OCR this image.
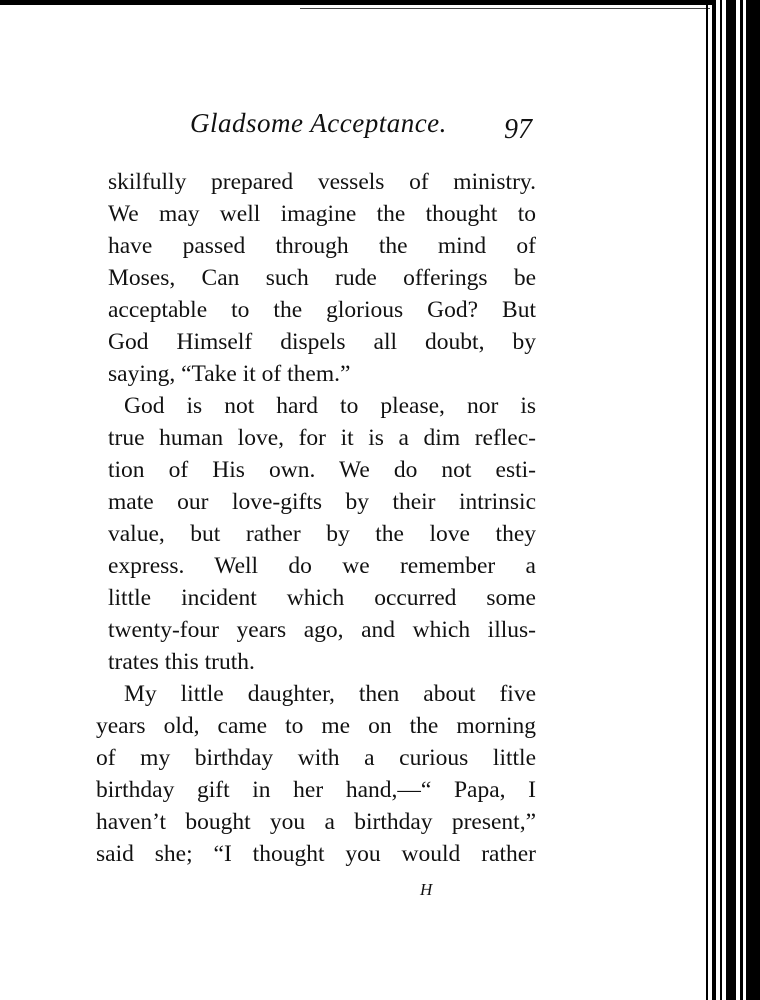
Gladsome Acceptance. 97
skilfully prepared vessels of ministry.
We may well imagine the thought to
have passed through the mind of
Moses, Can such rude offerings be
acceptable to the glorious God? But
God Himself dispels all doubt, by
saying, “Take it of them.”
God is not hard to please, nor is
true human love, for it is a dim reflec-
tion of His own. We do not esti-
mate our love-gifts by their intrinsic
value, but rather by the love they
express. Well do we remember a
little incident which occurred some
twenty-four years ago, and which illus-
trates this truth.
My little daughter, then about five
years old, came to me on the morning
of my birthday with a curious little
birthday gift in her hand,—“ Papa, I
haven’t bought you a birthday present,”
said she; “I thought you would rather
H
